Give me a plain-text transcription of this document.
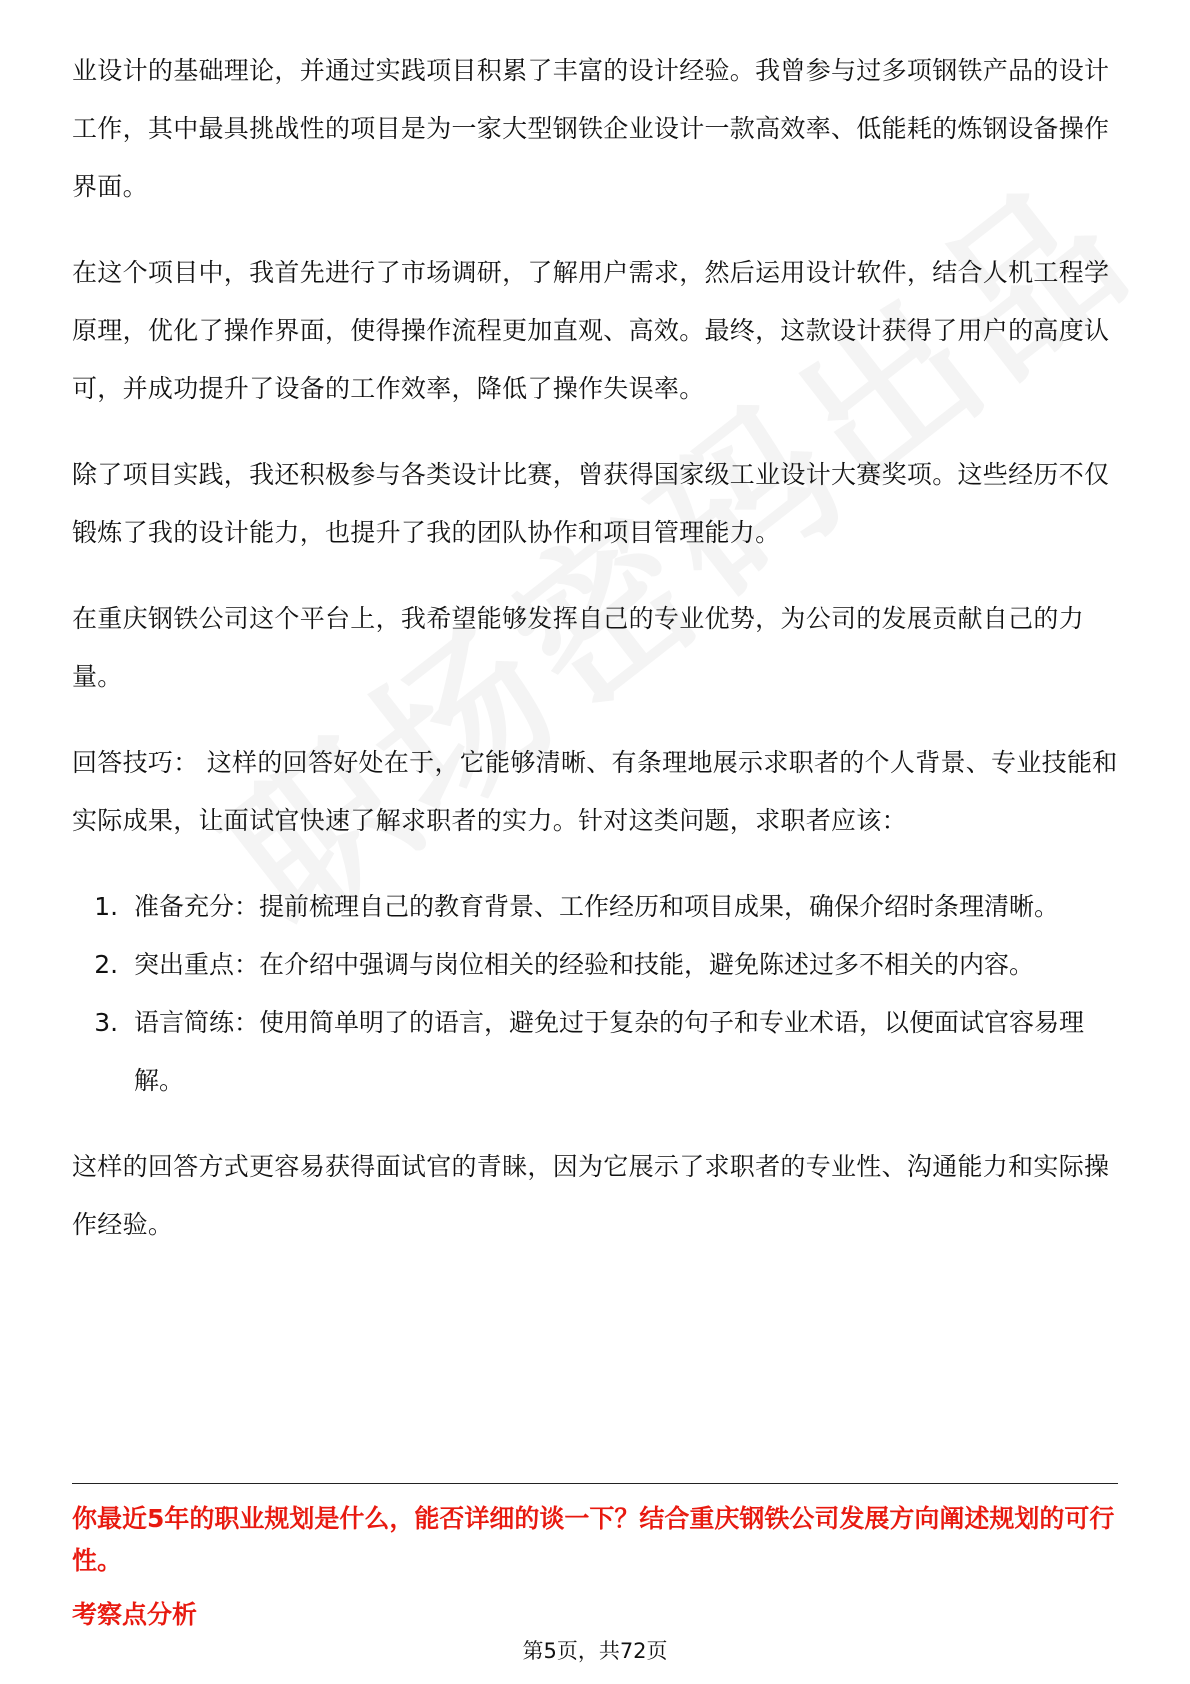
业设计的基础理论，并通过实践项目积累了丰富的设计经验。我曾参与过多项钢铁产品的设计工作，其中最具挑战性的项目是为一家大型钢铁企业设计一款高效率、低能耗的炼钢设备操作界面。

在这个项目中，我首先进行了市场调研，了解用户需求，然后运用设计软件，结合人机工程学原理，优化了操作界面，使得操作流程更加直观、高效。最终，这款设计获得了用户的高度认可，并成功提升了设备的工作效率，降低了操作失误率。

除了项目实践，我还积极参与各类设计比赛，曾获得国家级工业设计大赛奖项。这些经历不仅锻炼了我的设计能力，也提升了我的团队协作和项目管理能力。

在重庆钢铁公司这个平台上，我希望能够发挥自己的专业优势，为公司的发展贡献自己的力量。

回答技巧： 这样的回答好处在于，它能够清晰、有条理地展示求职者的个人背景、专业技能和实际成果，让面试官快速了解求职者的实力。针对这类问题，求职者应该：

1. 准备充分：提前梳理自己的教育背景、工作经历和项目成果，确保介绍时条理清晰。
2. 突出重点：在介绍中强调与岗位相关的经验和技能，避免陈述过多不相关的内容。
3. 语言简练：使用简单明了的语言，避免过于复杂的句子和专业术语，以便面试官容易理解。

这样的回答方式更容易获得面试官的青睐，因为它展示了求职者的专业性、沟通能力和实际操作经验。

你最近5年的职业规划是什么，能否详细的谈一下？结合重庆钢铁公司发展方向阐述规划的可行性。

考察点分析

第5页，共72页
